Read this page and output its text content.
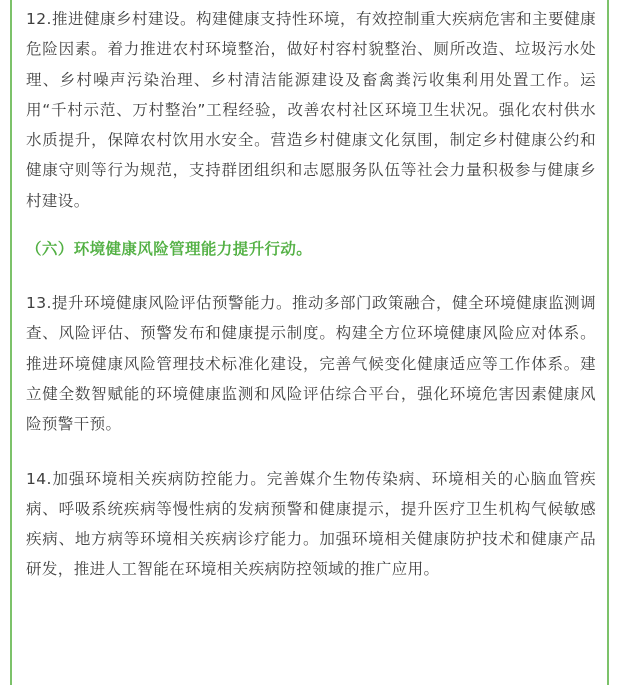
12.推进健康乡村建设。构建健康支持性环境，有效控制重大疾病危害和主要健康危险因素。着力推进农村环境整治，做好村容村貌整治、厕所改造、垃圾污水处理、乡村噪声污染治理、乡村清洁能源建设及畜禽粪污收集利用处置工作。运用“千村示范、万村整治”工程经验，改善农村社区环境卫生状况。强化农村供水水质提升，保障农村饮用水安全。营造乡村健康文化氛围，制定乡村健康公约和健康守则等行为规范，支持群团组织和志愿服务队伍等社会力量积极参与健康乡村建设。

（六）环境健康风险管理能力提升行动。

13.提升环境健康风险评估预警能力。推动多部门政策融合，健全环境健康监测调查、风险评估、预警发布和健康提示制度。构建全方位环境健康风险应对体系。推进环境健康风险管理技术标准化建设，完善气候变化健康适应等工作体系。建立健全数智赋能的环境健康监测和风险评估综合平台，强化环境危害因素健康风险预警干预。

14.加强环境相关疾病防控能力。完善媒介生物传染病、环境相关的心脑血管疾病、呼吸系统疾病等慢性病的发病预警和健康提示，提升医疗卫生机构气候敏感疾病、地方病等环境相关疾病诊疗能力。加强环境相关健康防护技术和健康产品研发，推进人工智能在环境相关疾病防控领域的推广应用。
